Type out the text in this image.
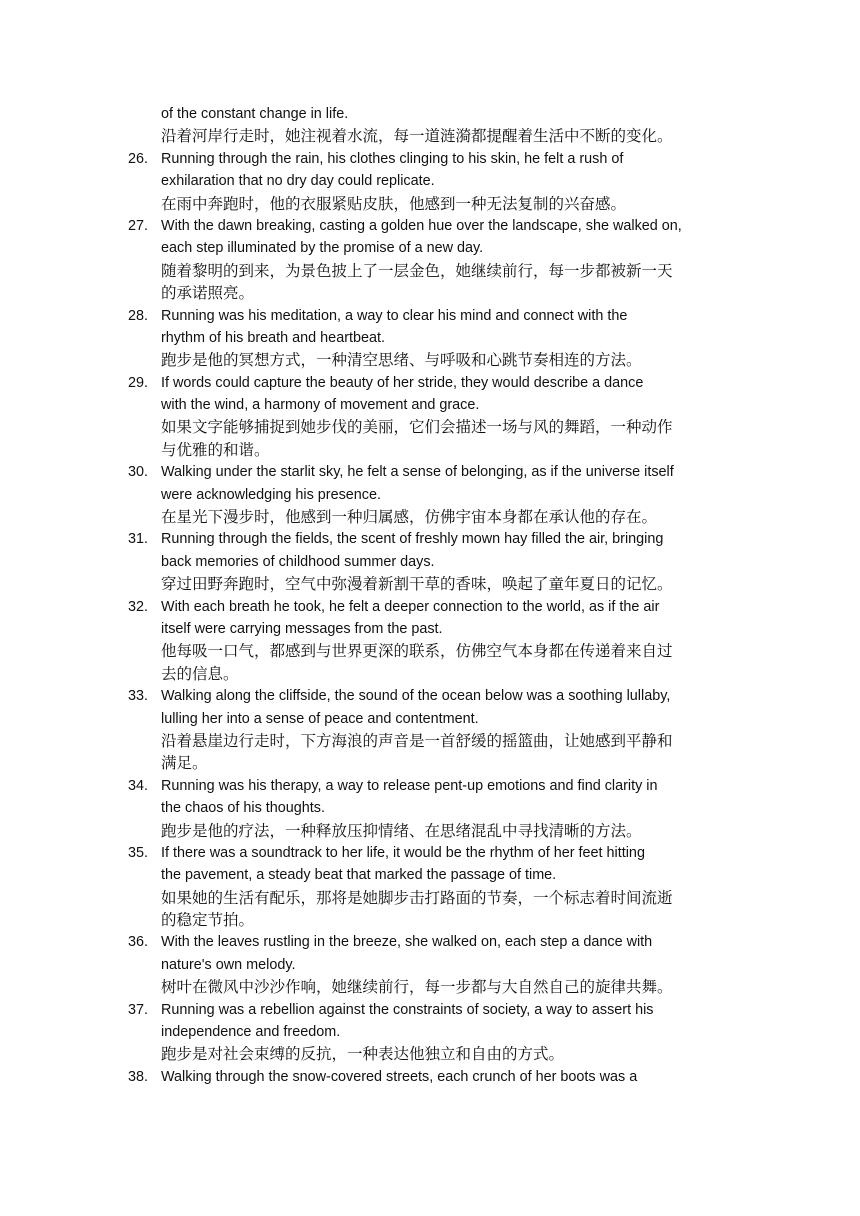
of the constant change in life.
沿着河岸行走时，她注视着水流，每一道涟漪都提醒着生活中不断的变化。
26. Running through the rain, his clothes clinging to his skin, he felt a rush of
exhilaration that no dry day could replicate.
在雨中奔跑时，他的衣服紧贴皮肤，他感到一种无法复制的兴奋感。
27. With the dawn breaking, casting a golden hue over the landscape, she walked on,
each step illuminated by the promise of a new day.
随着黎明的到来，为景色披上了一层金色，她继续前行，每一步都被新一天
的承诺照亮。
28. Running was his meditation, a way to clear his mind and connect with the
rhythm of his breath and heartbeat.
跑步是他的冥想方式，一种清空思绪、与呼吸和心跳节奏相连的方法。
29. If words could capture the beauty of her stride, they would describe a dance
with the wind, a harmony of movement and grace.
如果文字能够捕捉到她步伐的美丽，它们会描述一场与风的舞蹈，一种动作
与优雅的和谐。
30. Walking under the starlit sky, he felt a sense of belonging, as if the universe itself
were acknowledging his presence.
在星光下漫步时，他感到一种归属感，仿佛宇宙本身都在承认他的存在。
31. Running through the fields, the scent of freshly mown hay filled the air, bringing
back memories of childhood summer days.
穿过田野奔跑时，空气中弥漫着新割干草的香味，唤起了童年夏日的记忆。
32. With each breath he took, he felt a deeper connection to the world, as if the air
itself were carrying messages from the past.
他每吸一口气，都感到与世界更深的联系，仿佛空气本身都在传递着来自过
去的信息。
33. Walking along the cliffside, the sound of the ocean below was a soothing lullaby,
lulling her into a sense of peace and contentment.
沿着悬崖边行走时，下方海浪的声音是一首舒缓的摇篮曲，让她感到平静和
满足。
34. Running was his therapy, a way to release pent-up emotions and find clarity in
the chaos of his thoughts.
跑步是他的疗法，一种释放压抑情绪、在思绪混乱中寻找清晰的方法。
35. If there was a soundtrack to her life, it would be the rhythm of her feet hitting
the pavement, a steady beat that marked the passage of time.
如果她的生活有配乐，那将是她脚步击打路面的节奏，一个标志着时间流逝
的稳定节拍。
36. With the leaves rustling in the breeze, she walked on, each step a dance with
nature's own melody.
树叶在微风中沙沙作响，她继续前行，每一步都与大自然自己的旋律共舞。
37. Running was a rebellion against the constraints of society, a way to assert his
independence and freedom.
跑步是对社会束缚的反抗，一种表达他独立和自由的方式。
38. Walking through the snow-covered streets, each crunch of her boots was a
